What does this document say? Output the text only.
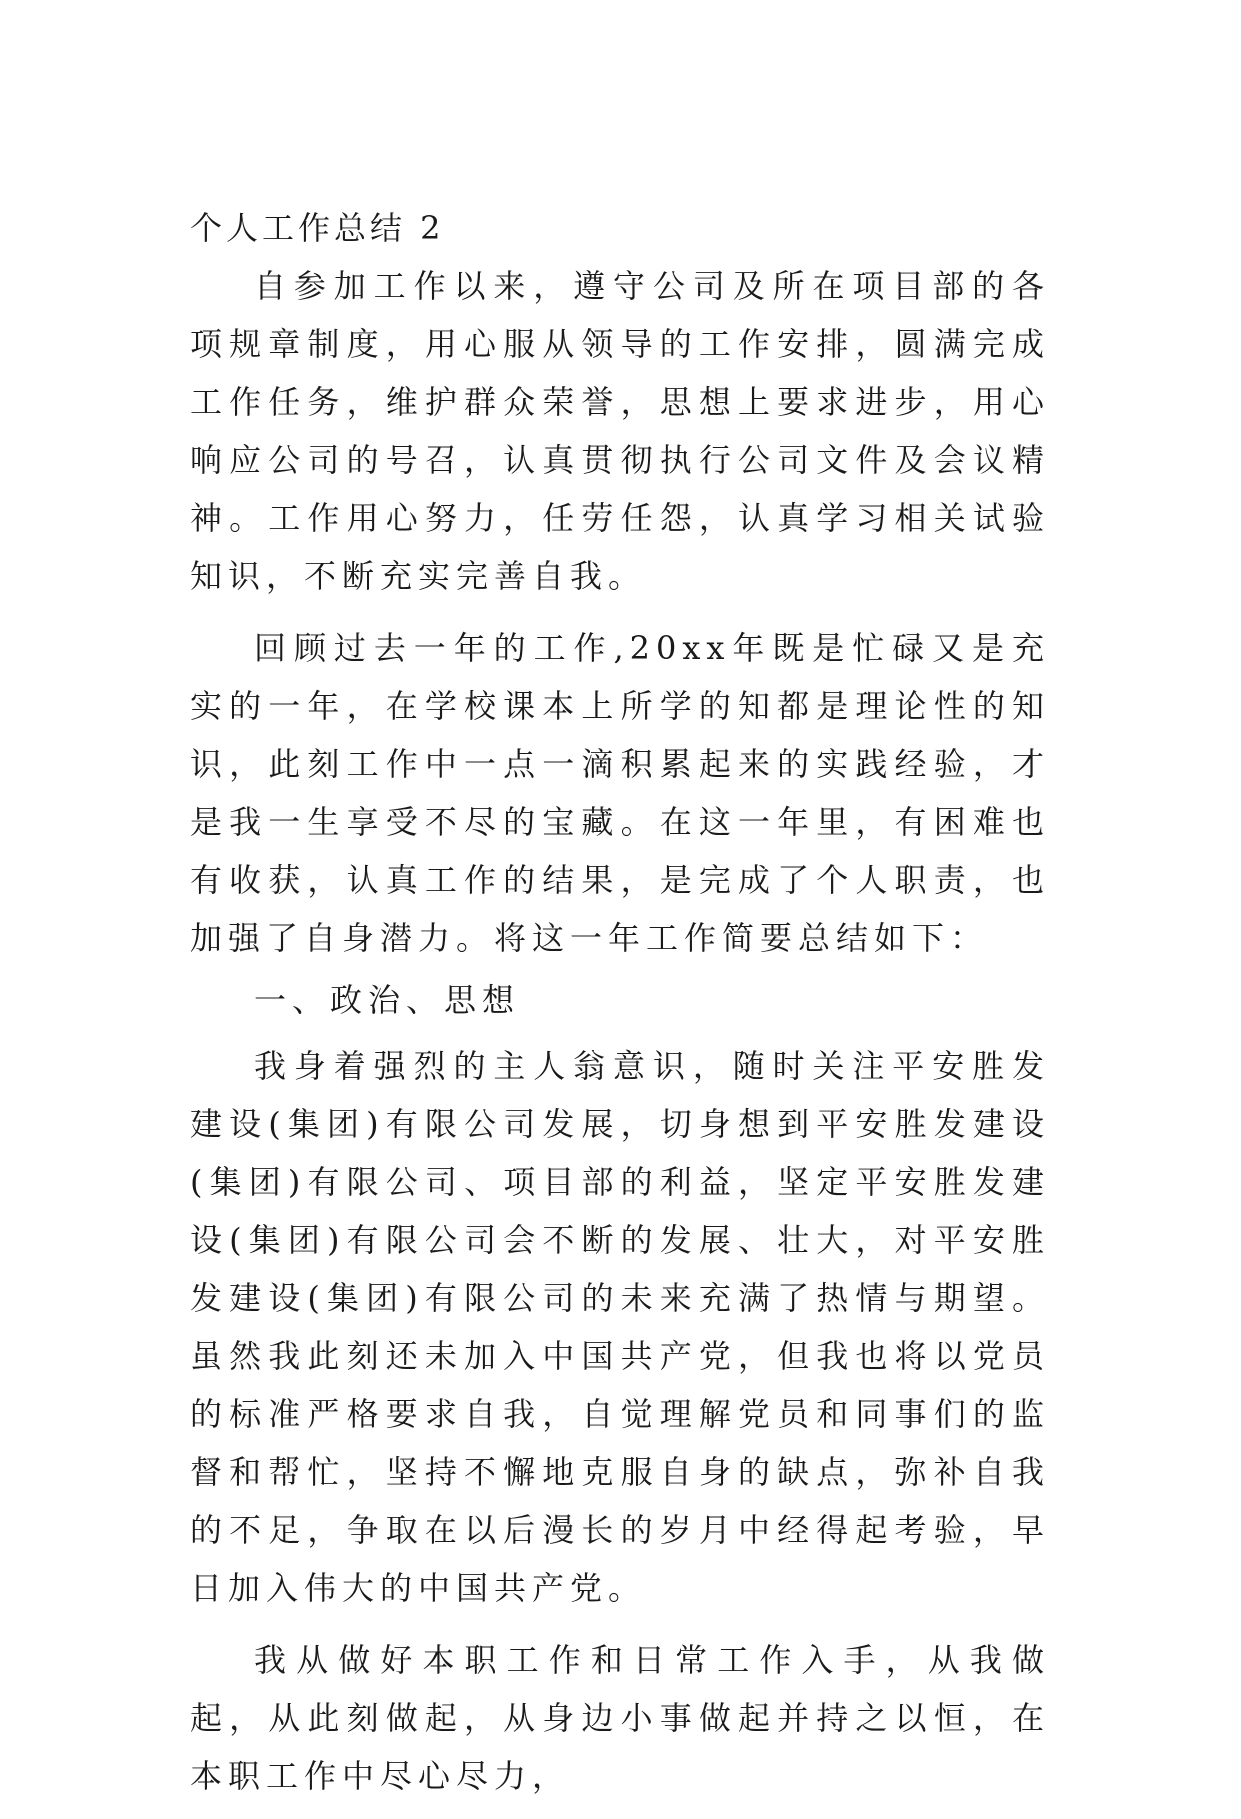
个人工作总结 2

自参加工作以来，遵守公司及所在项目部的各项规章制度，用心服从领导的工作安排，圆满完成工作任务，维护群众荣誉，思想上要求进步，用心响应公司的号召，认真贯彻执行公司文件及会议精神。工作用心努力，任劳任怨，认真学习相关试验知识，不断充实完善自我。

回顾过去一年的工作,20xx年既是忙碌又是充实的一年，在学校课本上所学的知都是理论性的知识，此刻工作中一点一滴积累起来的实践经验，才是我一生享受不尽的宝藏。在这一年里，有困难也有收获，认真工作的结果，是完成了个人职责，也加强了自身潜力。将这一年工作简要总结如下：

一、政治、思想

我身着强烈的主人翁意识，随时关注平安胜发建设(集团)有限公司发展，切身想到平安胜发建设(集团)有限公司、项目部的利益，坚定平安胜发建设(集团)有限公司会不断的发展、壮大，对平安胜发建设(集团)有限公司的未来充满了热情与期望。虽然我此刻还未加入中国共产党，但我也将以党员的标准严格要求自我，自觉理解党员和同事们的监督和帮忙，坚持不懈地克服自身的缺点，弥补自我的不足，争取在以后漫长的岁月中经得起考验，早日加入伟大的中国共产党。

我从做好本职工作和日常工作入手，从我做起，从此刻做起，从身边小事做起并持之以恒，在本职工作中尽心尽力，
